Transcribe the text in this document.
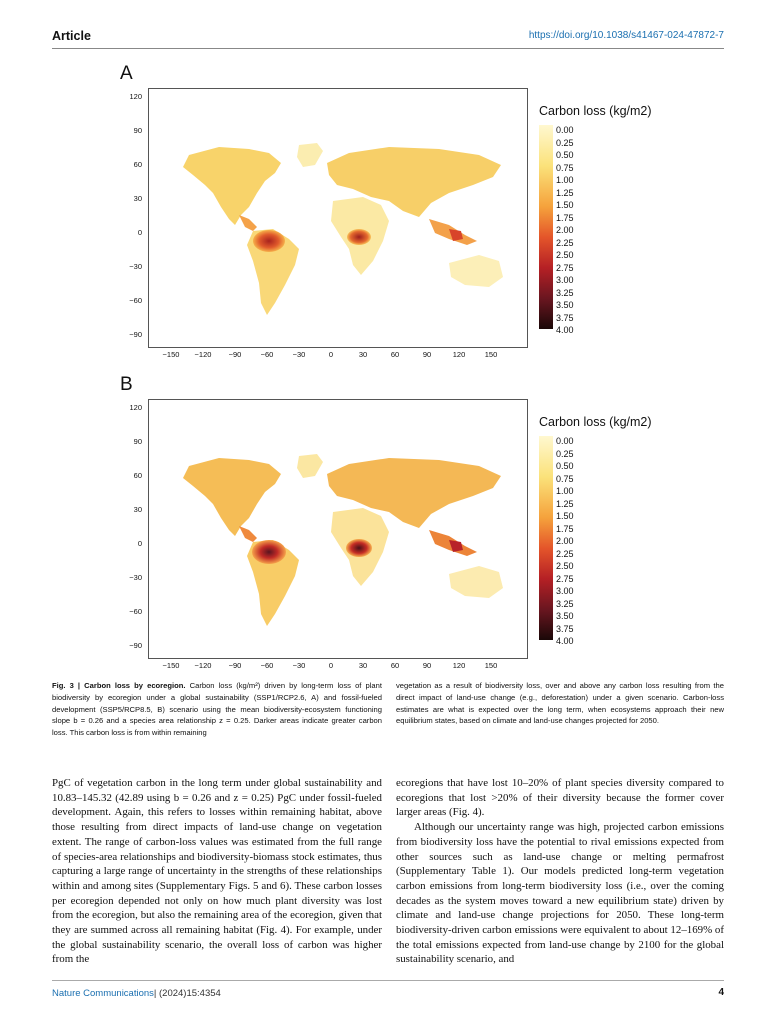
Article	https://doi.org/10.1038/s41467-024-47872-7
A
120
90
60
30
0
−30
−60
−90
−150	−120	−90	−60	−30	0	30	60	90	120	150
Carbon loss (kg/m2)
0.00
0.25
0.50
0.75
1.00
1.25
1.50
1.75
2.00
2.25
2.50
2.75
3.00
3.25
3.50
3.75
4.00
B
120
90
60
30
0
−30
−60
−90
−150	−120	−90	−60	−30	0	30	60	90	120	150
Carbon loss (kg/m2)
0.00
0.25
0.50
0.75
1.00
1.25
1.50
1.75
2.00
2.25
2.50
2.75
3.00
3.25
3.50
3.75
4.00
Fig. 3 | Carbon loss by ecoregion. Carbon loss (kg/m²) driven by long-term loss of plant biodiversity by ecoregion under a global sustainability (SSP1/RCP2.6, A) and fossil-fueled development (SSP5/RCP8.5, B) scenario using the mean biodiversity-ecosystem functioning slope b = 0.26 and a species area relationship z = 0.25. Darker areas indicate greater carbon loss. This carbon loss is from within remaining
vegetation as a result of biodiversity loss, over and above any carbon loss resulting from the direct impact of land-use change (e.g., deforestation) under a given scenario. Carbon-loss estimates are what is expected over the long term, when ecosystems approach their new equilibrium states, based on climate and land-use changes projected for 2050.

PgC of vegetation carbon in the long term under global sustainability and 10.83–145.32 (42.89 using b = 0.26 and z = 0.25) PgC under fossil-fueled development. Again, this refers to losses within remaining habitat, above those resulting from direct impacts of land-use change on vegetation extent. The range of carbon-loss values was estimated from the full range of species-area relationships and biodiversity-biomass stock estimates, thus capturing a large range of uncertainty in the strengths of these relationships within and among sites (Supplementary Figs. 5 and 6). These carbon losses per ecoregion depended not only on how much plant diversity was lost from the ecoregion, but also the remaining area of the ecoregion, given that they are summed across all remaining habitat (Fig. 4). For example, under the global sustainability scenario, the overall loss of carbon was higher from the

ecoregions that have lost 10–20% of plant species diversity compared to ecoregions that lost >20% of their diversity because the former cover larger areas (Fig. 4).

Although our uncertainty range was high, projected carbon emissions from biodiversity loss have the potential to rival emissions expected from other sources such as land-use change or melting permafrost (Supplementary Table 1). Our models predicted long-term vegetation carbon emissions from long-term biodiversity loss (i.e., over the coming decades as the system moves toward a new equilibrium state) driven by climate and land-use change projections for 2050. These long-term biodiversity-driven carbon emissions were equivalent to about 12–169% of the total emissions expected from land-use change by 2100 for the global sustainability scenario, and

Nature Communications| (2024)15:4354	4
